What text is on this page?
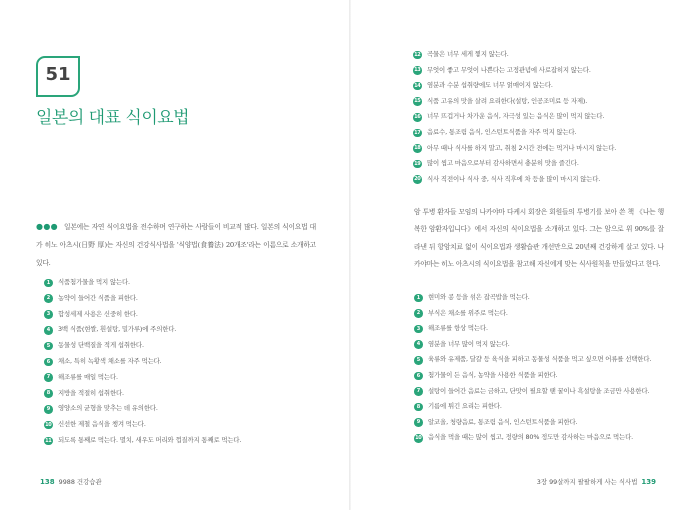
51
일본의 대표 식이요법
●●● 일본에는 자연 식이요법을 전수하며 연구하는 사람들이 비교적 많다. 일본의 식이요법 대가 히노 아츠시(日野 厚)는 자신의 건강식사법을 '식양법(食養法) 20개조'라는 이름으로 소개하고 있다.
1	식품첨가물을 먹지 않는다.
2	농약이 들어간 식품을 피한다.
3	합성세제 사용은 신중히 한다.
4	3백 식품(현쌀, 흰설탕, 밀가루)에 주의한다.
5	동물성 단백질을 적게 섭취한다.
6	채소, 특히 녹황색 채소를 자주 먹는다.
7	해조류를 매일 먹는다.
8	지방을 적절히 섭취한다.
9	영양소의 균형을 맞추는 데 유의한다.
10 신선한 제철 음식을 챙겨 먹는다.
11 되도록 통째로 먹는다. 멸치, 새우도 머리와 껍질까지 통째로 먹는다.
138 9988 건강습관
12 곡물은 너무 세게 찧지 않는다.
13 무엇이 좋고 무엇이 나쁜다는 고정관념에 사로잡히지 않는다.
14 염분과 수분 섭취량에도 너무 얽매이지 않는다.
15 식품 고유의 맛을 살려 요리한다(설탕, 인공조미료 등 자제).
16 너무 뜨겁거나 차가운 음식, 자극성 있는 음식은 많이 먹지 않는다.
17 음료수, 통조림 음식, 인스턴트식품을 자주 먹지 않는다.
18 아무 때나 식사를 하지 말고, 취침 2시간 전에는 먹거나 마시지 않는다.
19 많이 씹고 마음으로부터 감사하면서 충분히 맛을 즐긴다.
20 식사 직전이나 식사 중, 식사 직후에 차 등을 많이 마시지 않는다.
암 투병 환자들 모임의 나카야마 다케시 회장은 회원들의 투병기를 보아 쓴 책 《나는 행복한 암환자입니다》에서 자신의 식이요법을 소개하고 있다. 그는 암으로 위 90%를 잘라낸 뒤 항암치료 없이 식이요법과 생활습관 개선만으로 20년째 건강하게 살고 있다. 나카야마는 히노 아츠시의 식이요법을 참고해 자신에게 맞는 식사원칙을 만들었다고 한다.
1	현미와 콩 등을 섞은 잡곡밥을 먹는다.
2	부식은 채소를 위주로 먹는다.
3	해조류를 항상 먹는다.
4	염분을 너무 많이 먹지 않는다.
5	육류와 유제품, 달걀 등 육식을 피하고 동물성 식품을 먹고 싶으면 어류를 선택한다.
6	첨가물이 든 음식, 농약을 사용한 식품을 피한다.
7	설탕이 들어간 음료는 금하고, 단맛이 필요할 땐 꿀이나 흑설탕을 조금만 사용한다.
8	기름에 튀긴 요리는 피한다.
9	알코올, 청량음료, 통조림 음식, 인스턴트식품을 피한다.
10 음식을 먹을 때는 많이 씹고, 정량의 80% 정도만 감사하는 마음으로 먹는다.
3장 99살까지 팔팔하게 사는 식사법 139
